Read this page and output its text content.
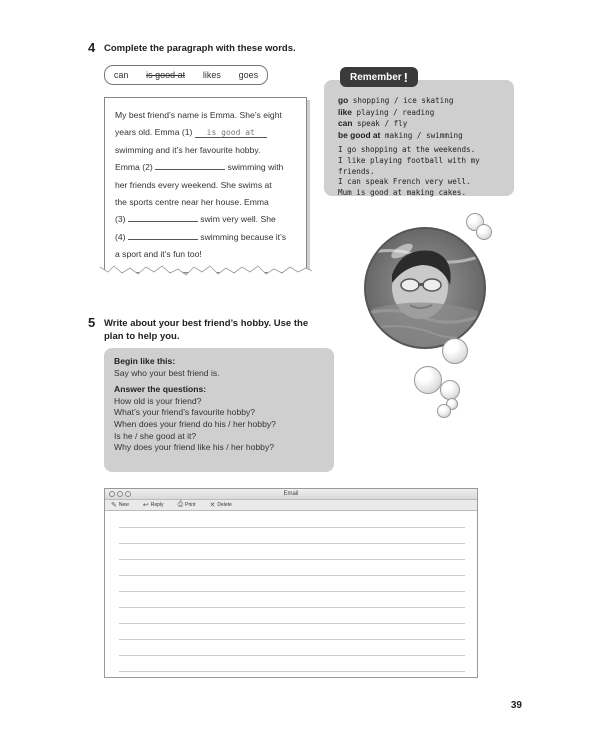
4 Complete the paragraph with these words.
can is good at likes goes
My best friend’s name is Emma. She’s eight
years old. Emma (1) is good at
swimming and it’s her favourite hobby.
Emma (2)	swimming with
her friends every weekend. She swims at
the sports centre near her house. Emma
(3)	swim very well. She
(4)	swimming because it’s
a sport and it’s fun too!
Remember !
go shopping / ice skating
like playing / reading
can speak / fly
be good at making / swimming
I go shopping at the weekends.
I like playing football with my friends.
I can speak French very well.
Mum is good at making cakes.
5 Write about your best friend’s hobby. Use the
plan to help you.
Begin like this:
Say who your best friend is.
Answer the questions:
How old is your friend?
What’s your friend’s favourite hobby?
When does your friend do his / her hobby?
Is he / she good at it?
Why does your friend like his / her hobby?
Email
✎ New ↩ Reply ⎙ Print ✕ Delete
39
